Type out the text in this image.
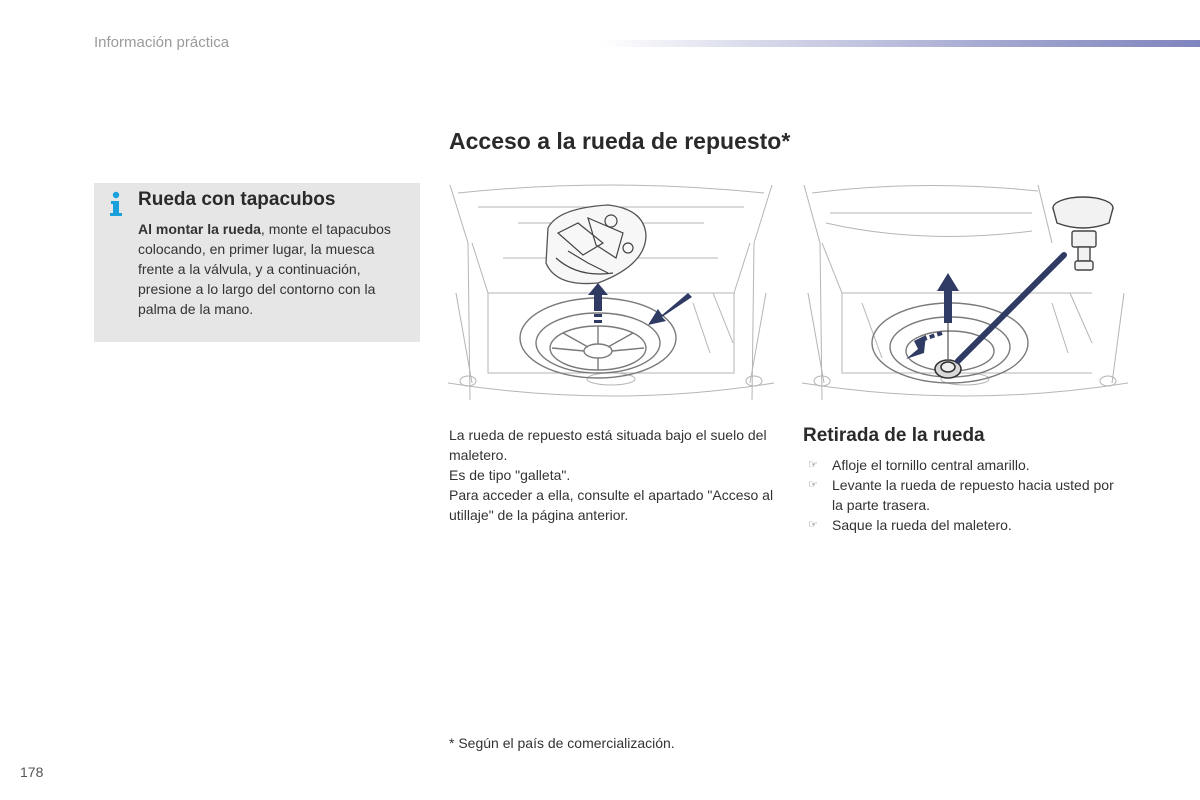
Información práctica
Rueda con tapacubos
Al montar la rueda, monte el tapacubos colocando, en primer lugar, la muesca frente a la válvula, y a continuación, presione a lo largo del contorno con la palma de la mano.
Acceso a la rueda de repuesto*
La rueda de repuesto está situada bajo el suelo del maletero.
Es de tipo "galleta".
Para acceder a ella, consulte el apartado "Acceso al utillaje" de la página anterior.
Retirada de la rueda
☞ Afloje el tornillo central amarillo.
☞ Levante la rueda de repuesto hacia usted por la parte trasera.
☞ Saque la rueda del maletero.
* Según el país de comercialización.
178
